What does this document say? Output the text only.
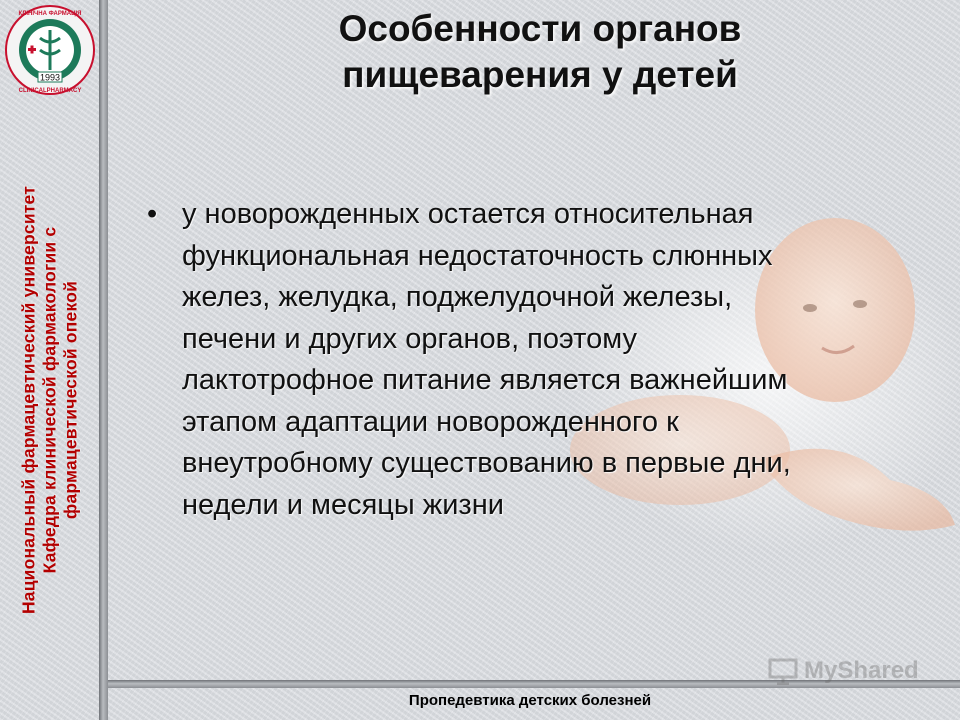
1993
КЛІНІЧНА ФАРМАЦІЯ
CLINICALPHARMACY
Национальный фармацевтический университет Кафедра клинической фармакологии с фармацевтической опекой
Особенности органов
пищеварения у детей
• у новорожденных остается относительная
функциональная недостаточность слюнных
желез, желудка, поджелудочной железы,
печени и других органов, поэтому
лактотрофное питание является важнейшим
этапом адаптации новорожденного к
внеутробному существованию в первые дни,
недели и месяцы жизни
MyShared
Пропедевтика детских болезней
